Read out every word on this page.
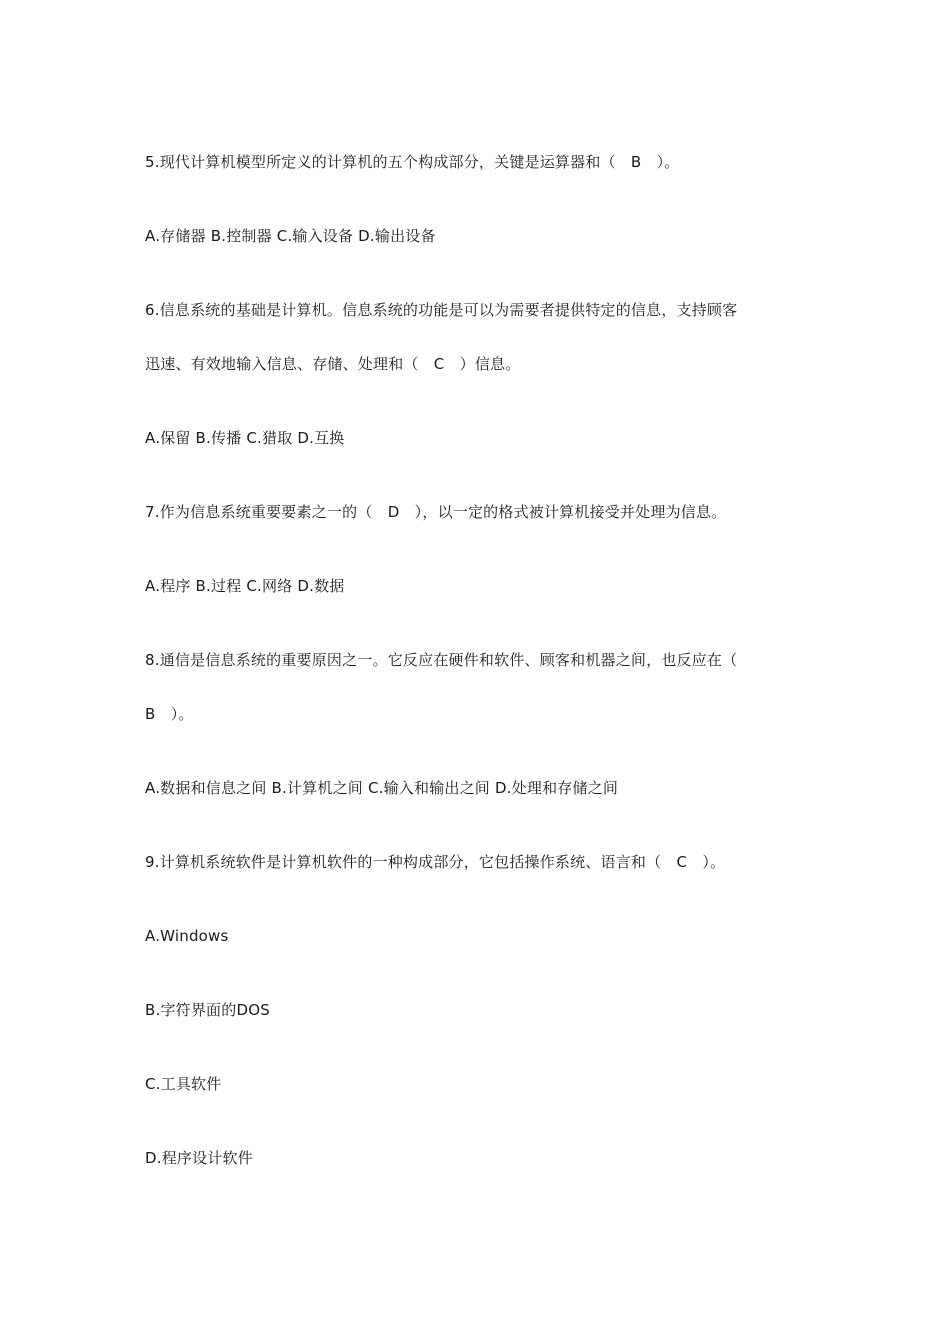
5.现代计算机模型所定义的计算机的五个构成部分，关键是运算器和（　B　）。
A.存储器 B.控制器 C.输入设备 D.输出设备
6.信息系统的基础是计算机。信息系统的功能是可以为需要者提供特定的信息，支持顾客
迅速、有效地输入信息、存储、处理和（　C　）信息。
A.保留 B.传播 C.猎取 D.互换
7.作为信息系统重要要素之一的（　D　），以一定的格式被计算机接受并处理为信息。
A.程序 B.过程 C.网络 D.数据
8.通信是信息系统的重要原因之一。它反应在硬件和软件、顾客和机器之间，也反应在（
B　）。
A.数据和信息之间 B.计算机之间 C.输入和输出之间 D.处理和存储之间
9.计算机系统软件是计算机软件的一种构成部分，它包括操作系统、语言和（　C　）。
A.Windows
B.字符界面的DOS
C.工具软件
D.程序设计软件
